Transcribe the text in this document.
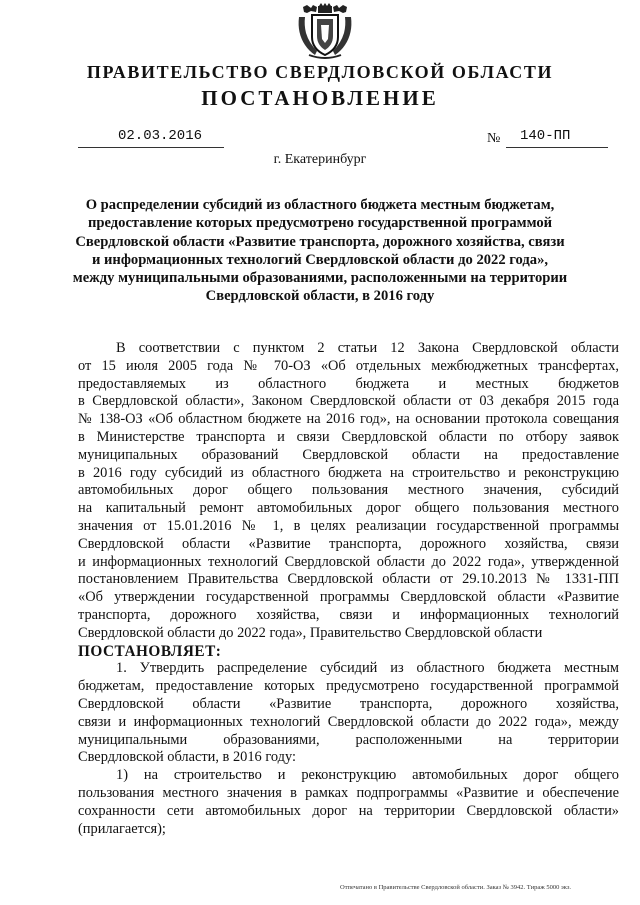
ПРАВИТЕЛЬСТВО СВЕРДЛОВСКОЙ ОБЛАСТИ
ПОСТАНОВЛЕНИЕ
02.03.2016	№ 140-ПП
г. Екатеринбург
О распределении субсидий из областного бюджета местным бюджетам,
предоставление которых предусмотрено государственной программой
Свердловской области «Развитие транспорта, дорожного хозяйства, связи
и информационных технологий Свердловской области до 2022 года»,
между муниципальными образованиями, расположенными на территории
Свердловской области, в 2016 году
В соответствии с пунктом 2 статьи 12 Закона Свердловской области
от 15 июля 2005 года № 70-ОЗ «Об отдельных межбюджетных трансфертах,
предоставляемых из областного бюджета и местных бюджетов
в Свердловской области», Законом Свердловской области от 03 декабря 2015 года
№ 138-ОЗ «Об областном бюджете на 2016 год», на основании протокола совещания
в Министерстве транспорта и связи Свердловской области по отбору заявок
муниципальных образований Свердловской области на предоставление
в 2016 году субсидий из областного бюджета на строительство и реконструкцию
автомобильных дорог общего пользования местного значения, субсидий
на капитальный ремонт автомобильных дорог общего пользования местного
значения от 15.01.2016 № 1, в целях реализации государственной программы
Свердловской области «Развитие транспорта, дорожного хозяйства, связи
и информационных технологий Свердловской области до 2022 года», утвержденной
постановлением Правительства Свердловской области от 29.10.2013 № 1331-ПП
«Об утверждении государственной программы Свердловской области «Развитие
транспорта, дорожного хозяйства, связи и информационных технологий
Свердловской области до 2022 года», Правительство Свердловской области
ПОСТАНОВЛЯЕТ:
1. Утвердить распределение субсидий из областного бюджета местным
бюджетам, предоставление которых предусмотрено государственной программой
Свердловской области «Развитие транспорта, дорожного хозяйства,
связи и информационных технологий Свердловской области до 2022 года», между
муниципальными образованиями, расположенными на территории
Свердловской области, в 2016 году:
1) на строительство и реконструкцию автомобильных дорог общего
пользования местного значения в рамках подпрограммы «Развитие и обеспечение
сохранности сети автомобильных дорог на территории Свердловской области»
(прилагается);
Отпечатано в Правительстве Свердловской области. Заказ № 3942. Тираж 5000 экз.
